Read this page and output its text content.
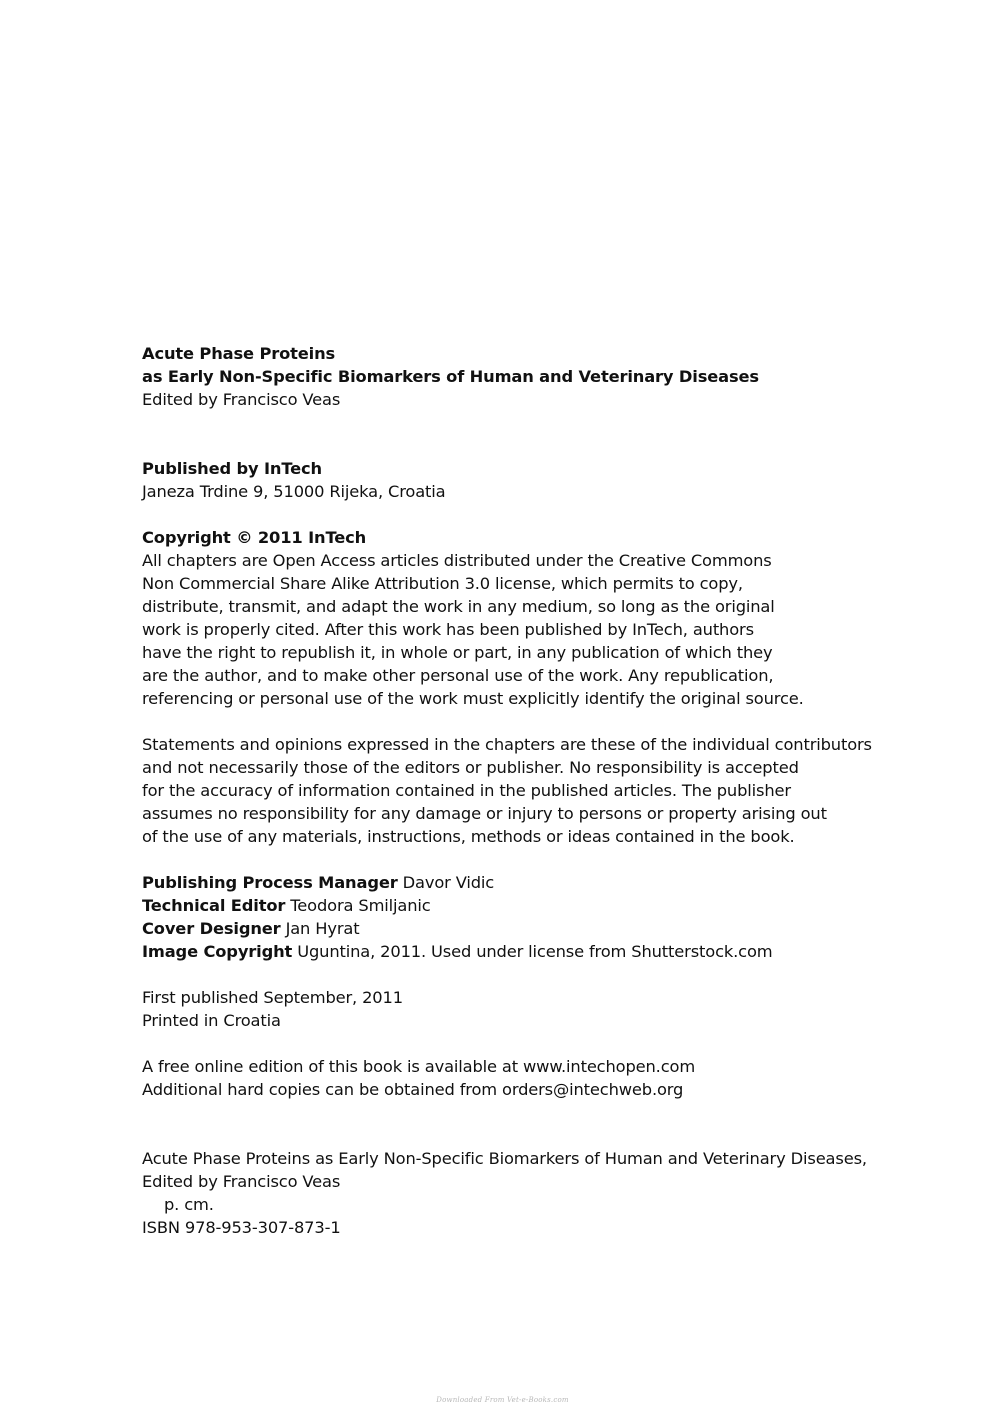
Acute Phase Proteins
as Early Non-Specific Biomarkers of Human and Veterinary Diseases
Edited by Francisco Veas
Published by InTech
Janeza Trdine 9, 51000 Rijeka, Croatia
Copyright © 2011 InTech
All chapters are Open Access articles distributed under the Creative Commons
Non Commercial Share Alike Attribution 3.0 license, which permits to copy,
distribute, transmit, and adapt the work in any medium, so long as the original
work is properly cited. After this work has been published by InTech, authors
have the right to republish it, in whole or part, in any publication of which they
are the author, and to make other personal use of the work. Any republication,
referencing or personal use of the work must explicitly identify the original source.
Statements and opinions expressed in the chapters are these of the individual contributors
and not necessarily those of the editors or publisher. No responsibility is accepted
for the accuracy of information contained in the published articles. The publisher
assumes no responsibility for any damage or injury to persons or property arising out
of the use of any materials, instructions, methods or ideas contained in the book.
Publishing Process Manager Davor Vidic
Technical Editor Teodora Smiljanic
Cover Designer Jan Hyrat
Image Copyright Uguntina, 2011. Used under license from Shutterstock.com
First published September, 2011
Printed in Croatia
A free online edition of this book is available at www.intechopen.com
Additional hard copies can be obtained from orders@intechweb.org
Acute Phase Proteins as Early Non-Specific Biomarkers of Human and Veterinary Diseases,
Edited by Francisco Veas
p. cm.
ISBN 978-953-307-873-1
Downloaded From Vet-e-Books.com
